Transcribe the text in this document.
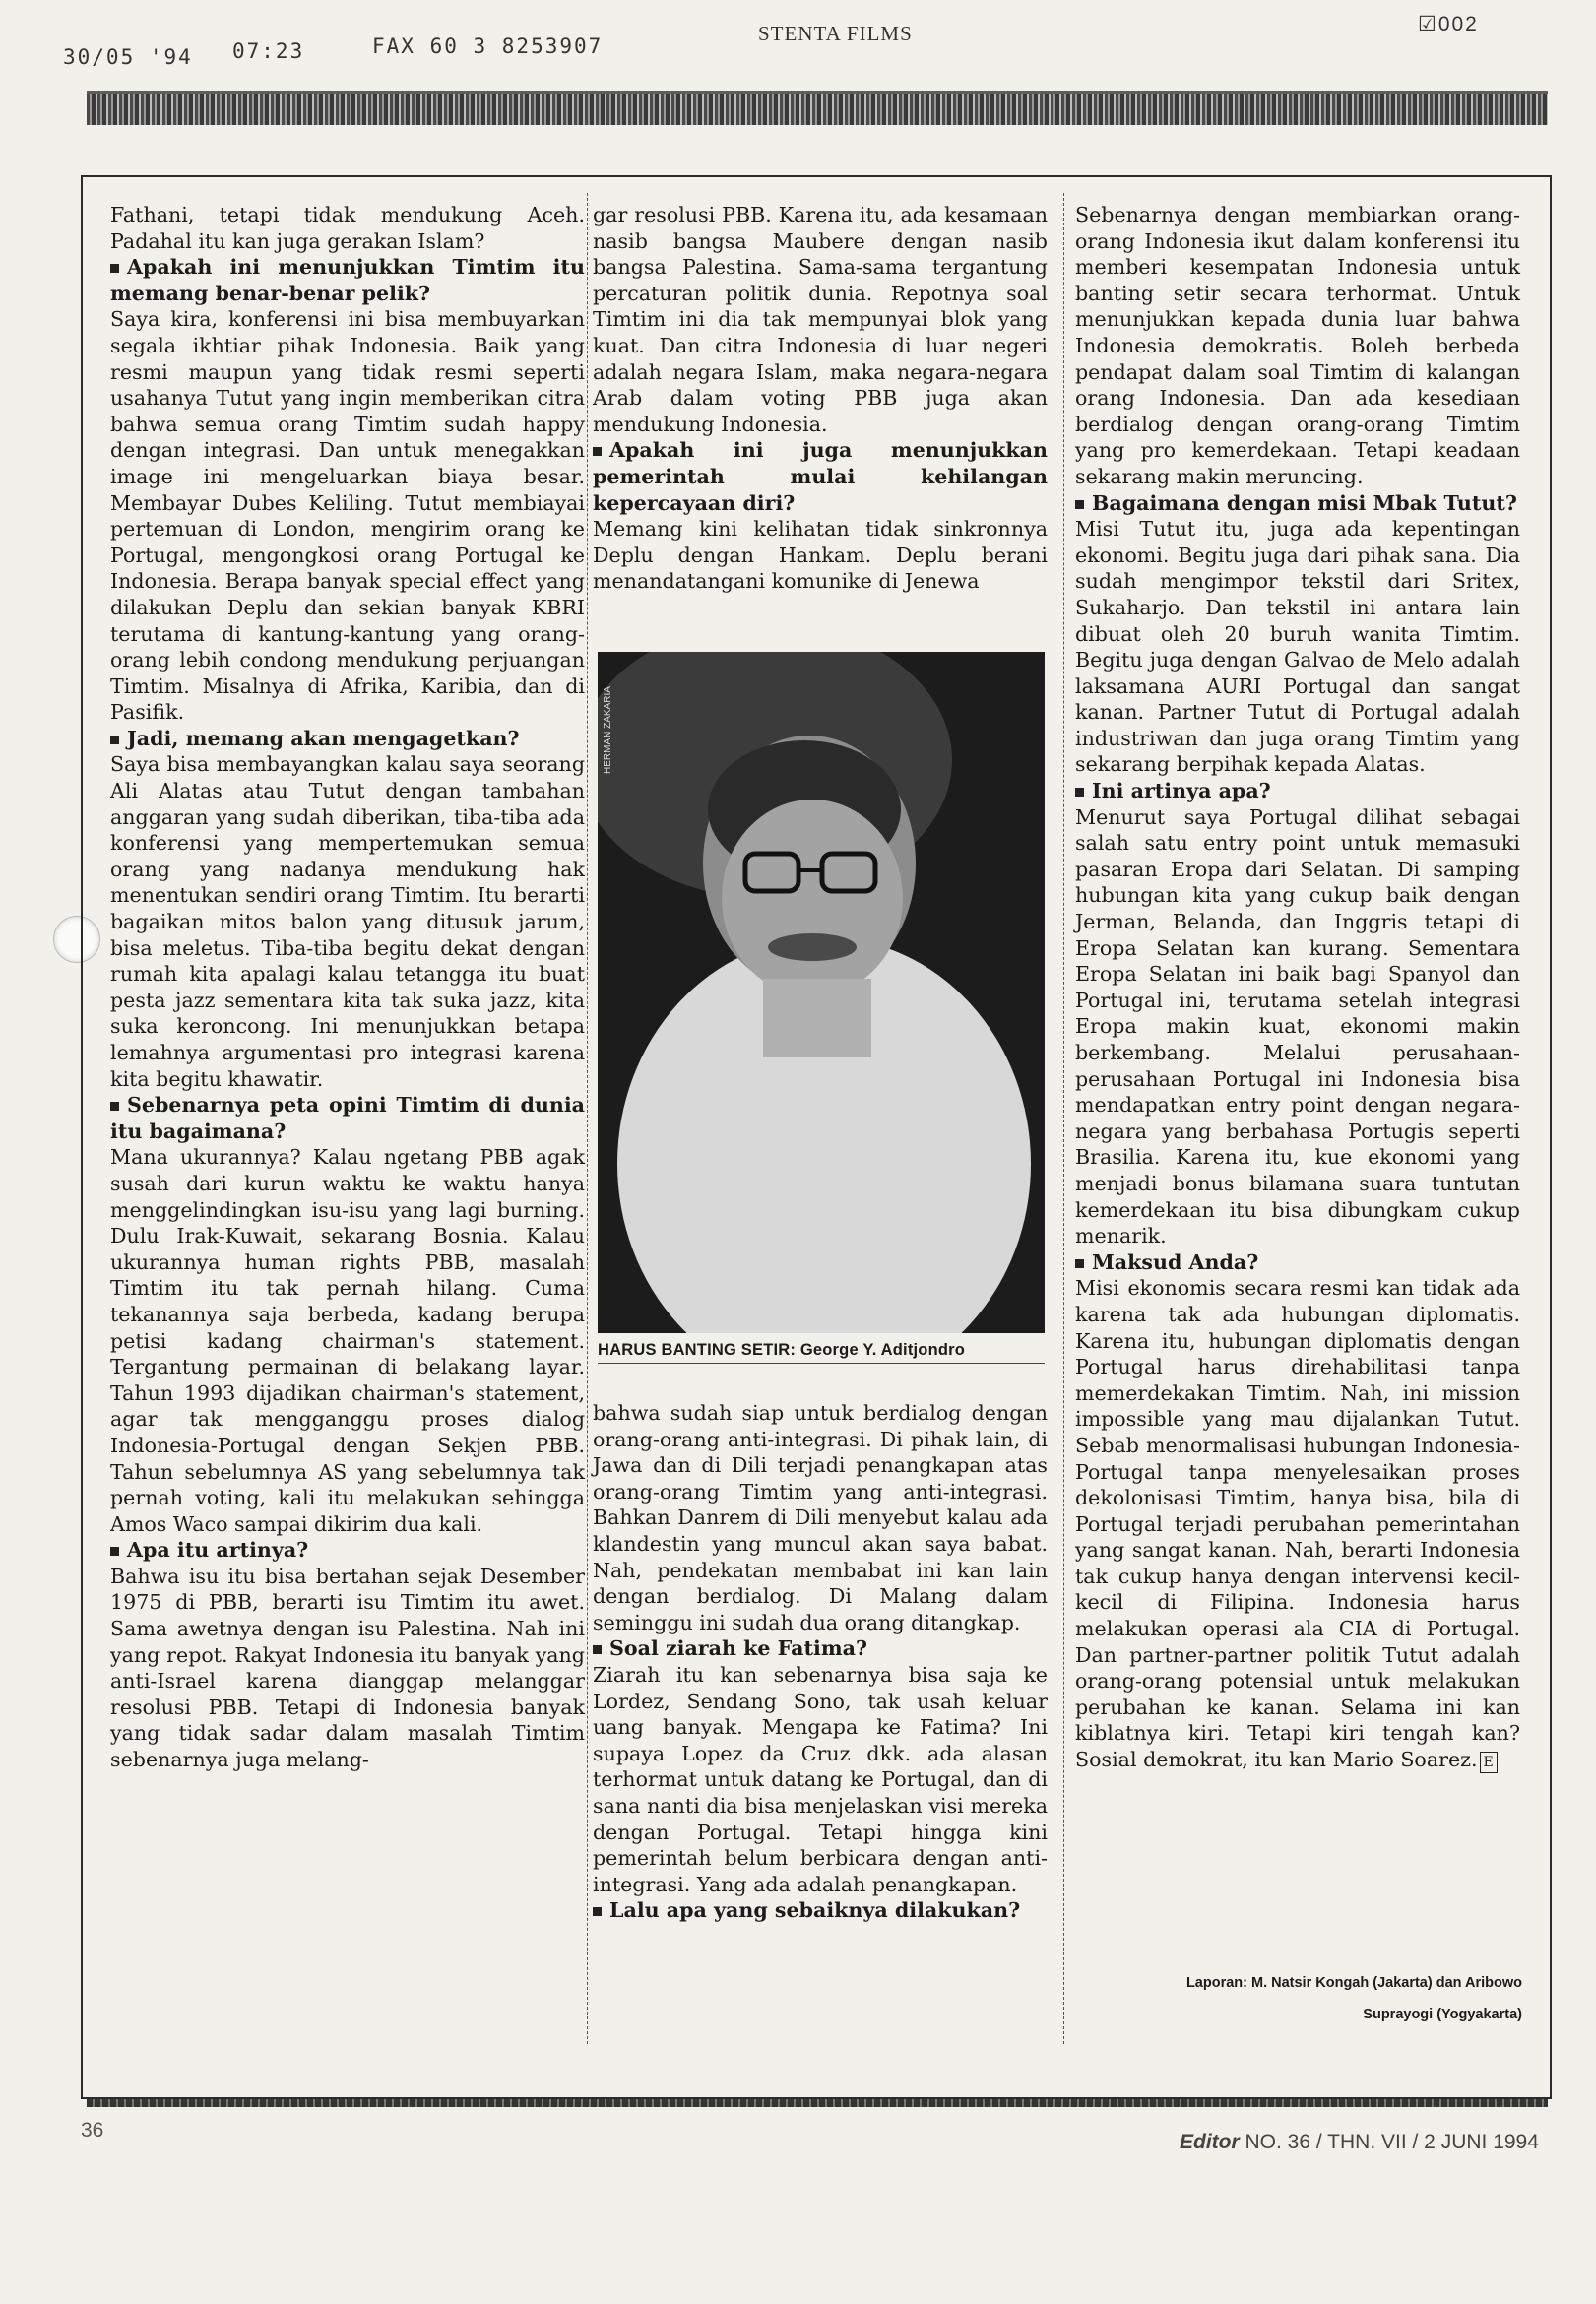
30/05 '94 07:23	FAX 60 3 8253907
STENTA FILMS	☑002

Fathani, tetapi tidak mendukung Aceh. Padahal itu kan juga gerakan Islam?

Apakah ini menunjukkan Timtim itu memang benar-benar pelik?

Saya kira, konferensi ini bisa membuyarkan segala ikhtiar pihak Indonesia. Baik yang resmi maupun yang tidak resmi seperti usahanya Tutut yang ingin memberikan citra bahwa semua orang Timtim sudah happy dengan integrasi. Dan untuk menegakkan image ini mengeluarkan biaya besar. Membayar Dubes Keliling. Tutut membiayai pertemuan di London, mengirim orang ke Portugal, mengongkosi orang Portugal ke Indonesia. Berapa banyak special effect yang dilakukan Deplu dan sekian banyak KBRI terutama di kantung-kantung yang orang-orang lebih condong mendukung perjuangan Timtim. Misalnya di Afrika, Karibia, dan di Pasifik.

Jadi, memang akan mengagetkan?

Saya bisa membayangkan kalau saya seorang Ali Alatas atau Tutut dengan tambahan anggaran yang sudah diberikan, tiba-tiba ada konferensi yang mempertemukan semua orang yang nadanya mendukung hak menentukan sendiri orang Timtim. Itu berarti bagaikan mitos balon yang ditusuk jarum, bisa meletus. Tiba-tiba begitu dekat dengan rumah kita apalagi kalau tetangga itu buat pesta jazz sementara kita tak suka jazz, kita suka keroncong. Ini menunjukkan betapa lemahnya argumentasi pro integrasi karena kita begitu khawatir.

Sebenarnya peta opini Timtim di dunia itu bagaimana?

Mana ukurannya? Kalau ngetang PBB agak susah dari kurun waktu ke waktu hanya menggelindingkan isu-isu yang lagi burning. Dulu Irak-Kuwait, sekarang Bosnia. Kalau ukurannya human rights PBB, masalah Timtim itu tak pernah hilang. Cuma tekanannya saja berbeda, kadang berupa petisi kadang chairman's statement. Tergantung permainan di belakang layar. Tahun 1993 dijadikan chairman's statement, agar tak mengganggu proses dialog Indonesia-Portugal dengan Sekjen PBB. Tahun sebelumnya AS yang sebelumnya tak pernah voting, kali itu melakukan sehingga Amos Waco sampai dikirim dua kali.

Apa itu artinya?

Bahwa isu itu bisa bertahan sejak Desember 1975 di PBB, berarti isu Timtim itu awet. Sama awetnya dengan isu Palestina. Nah ini yang repot. Rakyat Indonesia itu banyak yang anti-Israel karena dianggap melanggar resolusi PBB. Tetapi di Indonesia banyak yang tidak sadar dalam masalah Timtim sebenarnya juga melang-

gar resolusi PBB. Karena itu, ada kesamaan nasib bangsa Maubere dengan nasib bangsa Palestina. Sama-sama tergantung percaturan politik dunia. Repotnya soal Timtim ini dia tak mempunyai blok yang kuat. Dan citra Indonesia di luar negeri adalah negara Islam, maka negara-negara Arab dalam voting PBB juga akan mendukung Indonesia.

Apakah ini juga menunjukkan pemerintah mulai kehilangan kepercayaan diri?

Memang kini kelihatan tidak sinkronnya Deplu dengan Hankam. Deplu berani menandatangani komunike di Jenewa

HERMAN ZAKARIA
HARUS BANTING SETIR: George Y. Aditjondro

bahwa sudah siap untuk berdialog dengan orang-orang anti-integrasi. Di pihak lain, di Jawa dan di Dili terjadi penangkapan atas orang-orang Timtim yang anti-integrasi. Bahkan Danrem di Dili menyebut kalau ada klandestin yang muncul akan saya babat. Nah, pendekatan membabat ini kan lain dengan berdialog. Di Malang dalam seminggu ini sudah dua orang ditangkap.

Soal ziarah ke Fatima?

Ziarah itu kan sebenarnya bisa saja ke Lordez, Sendang Sono, tak usah keluar uang banyak. Mengapa ke Fatima? Ini supaya Lopez da Cruz dkk. ada alasan terhormat untuk datang ke Portugal, dan di sana nanti dia bisa menjelaskan visi mereka dengan Portugal. Tetapi hingga kini pemerintah belum berbicara dengan anti-integrasi. Yang ada adalah penangkapan.

Lalu apa yang sebaiknya dilakukan?

Sebenarnya dengan membiarkan orang-orang Indonesia ikut dalam konferensi itu memberi kesempatan Indonesia untuk banting setir secara terhormat. Untuk menunjukkan kepada dunia luar bahwa Indonesia demokratis. Boleh berbeda pendapat dalam soal Timtim di kalangan orang Indonesia. Dan ada kesediaan berdialog dengan orang-orang Timtim yang pro kemerdekaan. Tetapi keadaan sekarang makin meruncing.

Bagaimana dengan misi Mbak Tutut?

Misi Tutut itu, juga ada kepentingan ekonomi. Begitu juga dari pihak sana. Dia sudah mengimpor tekstil dari Sritex, Sukaharjo. Dan tekstil ini antara lain dibuat oleh 20 buruh wanita Timtim. Begitu juga dengan Galvao de Melo adalah laksamana AURI Portugal dan sangat kanan. Partner Tutut di Portugal adalah industriwan dan juga orang Timtim yang sekarang berpihak kepada Alatas.

Ini artinya apa?

Menurut saya Portugal dilihat sebagai salah satu entry point untuk memasuki pasaran Eropa dari Selatan. Di samping hubungan kita yang cukup baik dengan Jerman, Belanda, dan Inggris tetapi di Eropa Selatan kan kurang. Sementara Eropa Selatan ini baik bagi Spanyol dan Portugal ini, terutama setelah integrasi Eropa makin kuat, ekonomi makin berkembang. Melalui perusahaan-perusahaan Portugal ini Indonesia bisa mendapatkan entry point dengan negara-negara yang berbahasa Portugis seperti Brasilia. Karena itu, kue ekonomi yang menjadi bonus bilamana suara tuntutan kemerdekaan itu bisa dibungkam cukup menarik.

Maksud Anda?

Misi ekonomis secara resmi kan tidak ada karena tak ada hubungan diplomatis. Karena itu, hubungan diplomatis dengan Portugal harus direhabilitasi tanpa memerdekakan Timtim. Nah, ini mission impossible yang mau dijalankan Tutut. Sebab menormalisasi hubungan Indonesia-Portugal tanpa menyelesaikan proses dekolonisasi Timtim, hanya bisa, bila di Portugal terjadi perubahan pemerintahan yang sangat kanan. Nah, berarti Indonesia tak cukup hanya dengan intervensi kecil-kecil di Filipina. Indonesia harus melakukan operasi ala CIA di Portugal. Dan partner-partner politik Tutut adalah orang-orang potensial untuk melakukan perubahan ke kanan. Selama ini kan kiblatnya kiri. Tetapi kiri tengah kan? Sosial demokrat, itu kan Mario Soarez. E

Laporan: M. Natsir Kongah (Jakarta) dan Aribowo
Suprayogi (Yogyakarta)
36
Editor NO. 36 / THN. VII / 2 JUNI 1994
